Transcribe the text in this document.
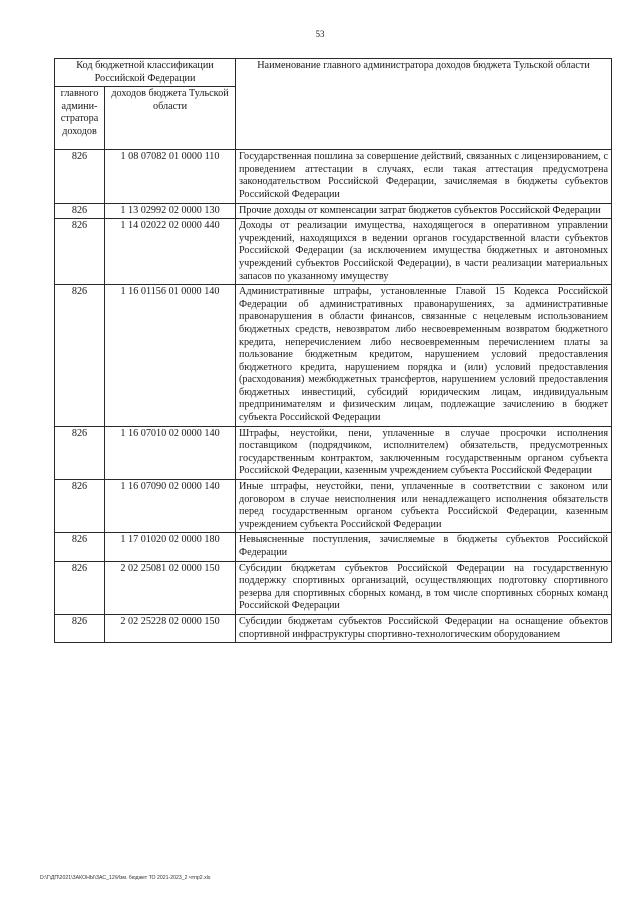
53
Код бюджетной классификации Российской Федерации		Наименование главного администратора доходов бюджета Тульской области
главного админи-стратора доходов	доходов бюджета Тульской области	
826	1 08 07082 01 0000 110	Государственная пошлина за совершение действий, связанных с лицензированием, с проведением аттестации в случаях, если такая аттестация предусмотрена законодательством Российской Федерации, зачисляемая в бюджеты субъектов Российской Федерации
826	1 13 02992 02 0000 130	Прочие доходы от компенсации затрат бюджетов субъектов Российской Федерации
826	1 14 02022 02 0000 440	Доходы от реализации имущества, находящегося в оперативном управлении учреждений, находящихся в ведении органов государственной власти субъектов Российской Федерации (за исключением имущества бюджетных и автономных учреждений субъектов Российской Федерации), в части реализации материальных запасов по указанному имуществу
826	1 16 01156 01 0000 140	Административные штрафы, установленные Главой 15 Кодекса Российской Федерации об административных правонарушениях, за административные правонарушения в области финансов, связанные с нецелевым использованием бюджетных средств, невозвратом либо несвоевременным возвратом бюджетного кредита, неперечислением либо несвоевременным перечислением платы за пользование бюджетным кредитом, нарушением условий предоставления бюджетного кредита, нарушением порядка и (или) условий предоставления (расходования) межбюджетных трансфертов, нарушением условий предоставления бюджетных инвестиций, субсидий юридическим лицам, индивидуальным предпринимателям и физическим лицам, подлежащие зачислению в бюджет субъекта Российской Федерации
826	1 16 07010 02 0000 140	Штрафы, неустойки, пени, уплаченные в случае просрочки исполнения поставщиком (подрядчиком, исполнителем) обязательств, предусмотренных государственным контрактом, заключенным государственным органом субъекта Российской Федерации, казенным учреждением субъекта Российской Федерации
826	1 16 07090 02 0000 140	Иные штрафы, неустойки, пени, уплаченные в соответствии с законом или договором в случае неисполнения или ненадлежащего исполнения обязательств перед государственным органом субъекта Российской Федерации, казенным учреждением субъекта Российской Федерации
826	1 17 01020 02 0000 180	Невыясненные поступления, зачисляемые в бюджеты субъектов Российской Федерации
826	2 02 25081 02 0000 150	Субсидии бюджетам субъектов Российской Федерации на государственную поддержку спортивных организаций, осуществляющих подготовку спортивного резерва для спортивных сборных команд, в том числе спортивных сборных команд Российской Федерации
826	2 02 25228 02 0000 150	Субсидии бюджетам субъектов Российской Федерации на оснащение объектов спортивной инфраструктуры спортивно-технологическим оборудованием
D:\Г\ДП\2021\ЗАКОНЫ\ЗАС_12\Изм. бюджет ТО 2021-2023_2 чтпр2.xls
